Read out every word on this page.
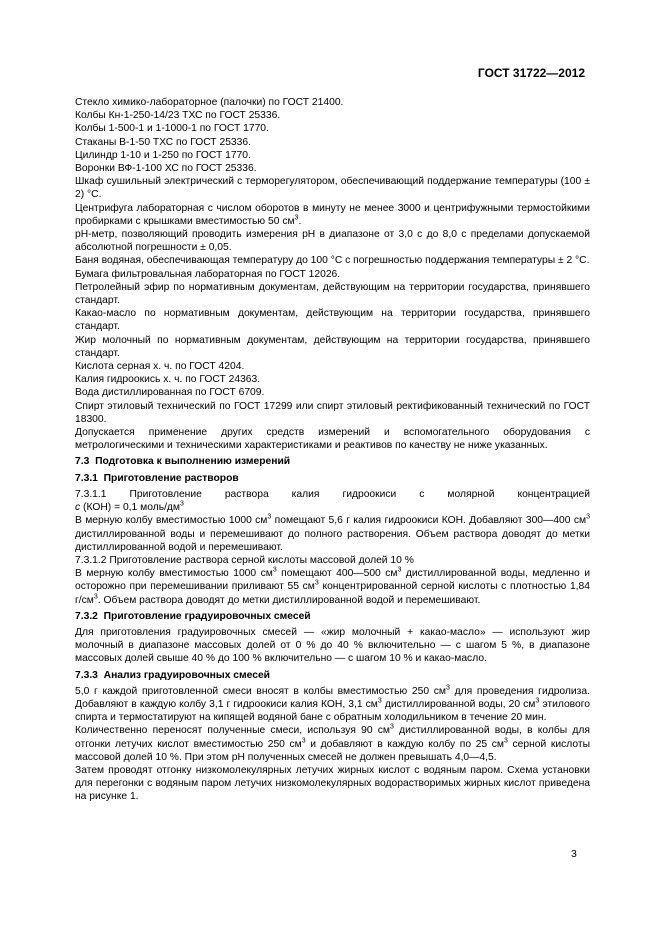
ГОСТ 31722—2012

Стекло химико-лабораторное (палочки) по ГОСТ 21400.

Колбы Кн-1-250-14/23 ТХС по ГОСТ 25336.

Колбы 1-500-1 и 1-1000-1 по ГОСТ 1770.

Стаканы В-1-50 ТХС по ГОСТ 25336.

Цилиндр 1-10 и 1-250 по ГОСТ 1770.

Воронки ВФ-1-100 ХС по ГОСТ 25336.

Шкаф сушильный электрический с терморегулятором, обеспечивающий поддержание температуры (100 ± 2) °С.

Центрифуга лабораторная с числом оборотов в минуту не менее 3000 и центрифужными термостойкими пробирками с крышками вместимостью 50 $см^3$.

рН-метр, позволяющий проводить измерения рН в диапазоне от 3,0 с до 8,0 с пределами допускаемой абсолютной погрешности ± 0,05.

Баня водяная, обеспечивающая температуру до 100 °С с погрешностью поддержания температуры ± 2 °С.

Бумага фильтровальная лабораторная по ГОСТ 12026.

Петролейный эфир по нормативным документам, действующим на территории государства, принявшего стандарт.

Какао-масло по нормативным документам, действующим на территории государства, принявшего стандарт.

Жир молочный по нормативным документам, действующим на территории государства, принявшего стандарт.

Кислота серная х. ч. по ГОСТ 4204.

Калия гидроокись х. ч. по ГОСТ 24363.

Вода дистиллированная по ГОСТ 6709.

Спирт этиловый технический по ГОСТ 17299 или спирт этиловый ректификованный технический по ГОСТ 18300.

Допускается применение других средств измерений и вспомогательного оборудования с метрологическими и техническими характеристиками и реактивов по качеству не ниже указанных.

7.3 Подготовка к выполнению измерений

7.3.1 Приготовление растворов

7.3.1.1 Приготовление раствора калия гидроокиси с молярной концентрацией

c (КОН) = 0,1 моль/$дм^3$

В мерную колбу вместимостью 1000 $см^3$ помещают 5,6 г калия гидроокиси КОН. Добавляют 300—400 $см^3$ дистиллированной воды и перемешивают до полного растворения. Объем раствора доводят до метки дистиллированной водой и перемешивают.

7.3.1.2 Приготовление раствора серной кислоты массовой долей 10 %

В мерную колбу вместимостью 1000 $см^3$ помещают 400—500 $см^3$ дистиллированной воды, медленно и осторожно при перемешивании приливают 55 $см^3$ концентрированной серной кислоты с плотностью 1,84 $г/см^3$. Объем раствора доводят до метки дистиллированной водой и перемешивают.

7.3.2 Приготовление градуировочных смесей

Для приготовления градуировочных смесей — «жир молочный + какао-масло» — используют жир молочный в диапазоне массовых долей от 0 % до 40 % включительно — с шагом 5 %, в диапазоне массовых долей свыше 40 % до 100 % включительно — с шагом 10 % и какао-масло.

7.3.3 Анализ градуировочных смесей

5,0 г каждой приготовленной смеси вносят в колбы вместимостью 250 $см^3$ для проведения гидролиза. Добавляют в каждую колбу 3,1 г гидроокиси калия КОН, 3,1 $см^3$ дистиллированной воды, 20 $см^3$ этилового спирта и термостатируют на кипящей водяной бане с обратным холодильником в течение 20 мин.

Количественно переносят полученные смеси, используя 90 $см^3$ дистиллированной воды, в колбы для отгонки летучих кислот вместимостью 250 $см^3$ и добавляют в каждую колбу по 25 $см^3$ серной кислоты массовой долей 10 %. При этом рН полученных смесей не должен превышать 4,0—4,5.

Затем проводят отгонку низкомолекулярных летучих жирных кислот с водяным паром. Схема установки для перегонки с водяным паром летучих низкомолекулярных водорастворимых жирных кислот приведена на рисунке 1.

3
